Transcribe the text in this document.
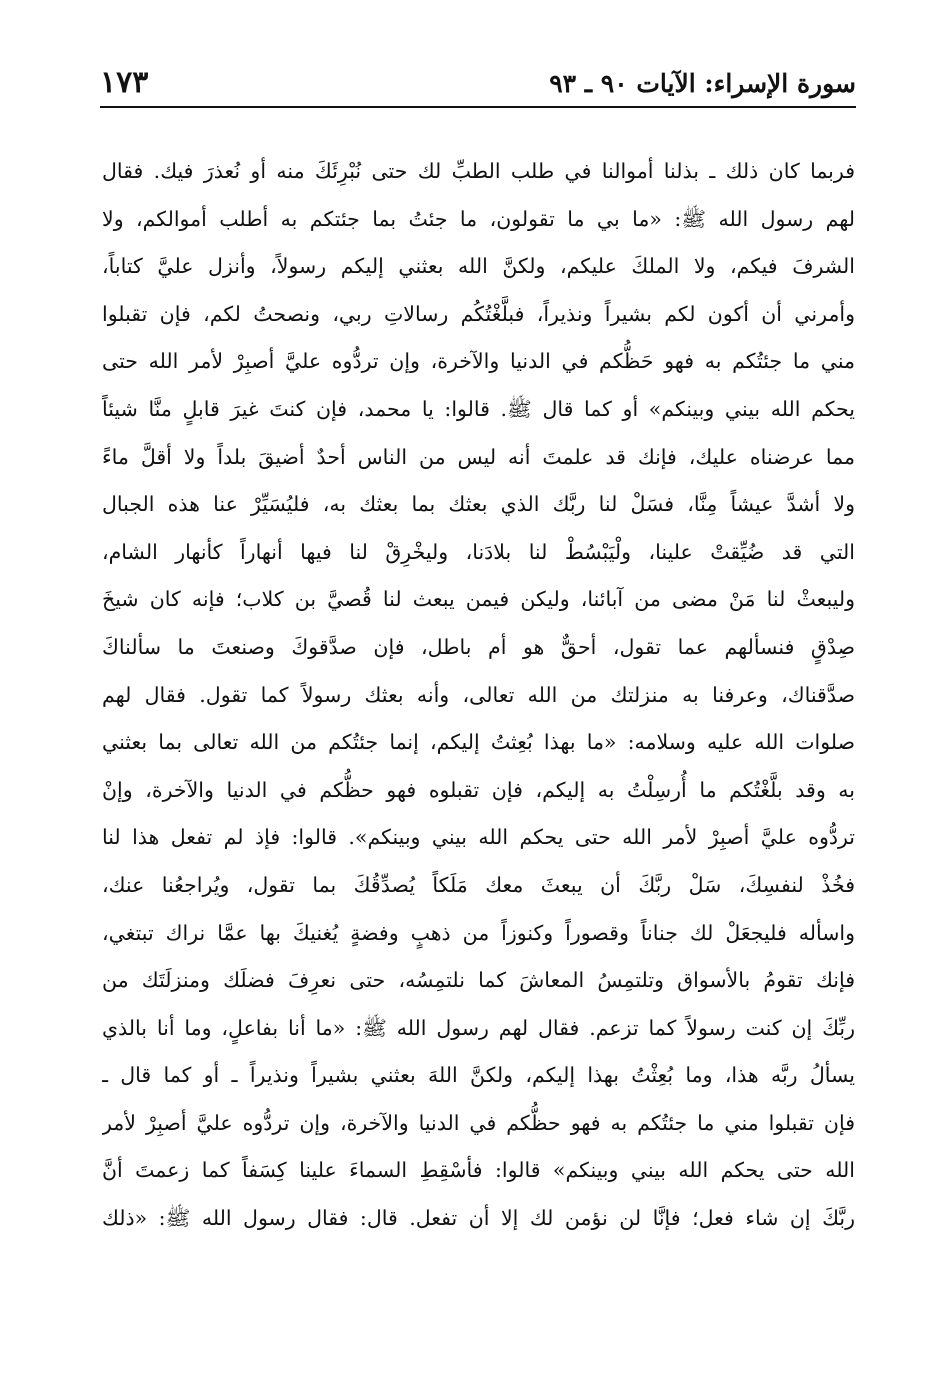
سورة الإسراء: الآيات ٩٠ ـ ٩٣
١٧٣
فربما كان ذلك ـ بذلنا أموالنا في طلب الطبِّ لك حتى نُبْرِئَكَ منه أو نُعذرَ فيك. فقال
لهم رسول الله ﷺ: «ما بي ما تقولون، ما جئتُ بما جئتكم به أطلب أموالكم، ولا
الشرفَ فيكم، ولا الملكَ عليكم، ولكنَّ الله بعثني إليكم رسولاً، وأنزل عليَّ كتاباً،
وأمرني أن أكون لكم بشيراً ونذيراً، فبلَّغْتُكُم رسالاتِ ربي، ونصحتُ لكم، فإن تقبلوا
مني ما جئتُكم به فهو حَظُّكم في الدنيا والآخرة، وإن تردُّوه عليَّ أصبِرْ لأمر الله حتى
يحكم الله بيني وبينكم» أو كما قال ﷺ. قالوا: يا محمد، فإن كنتَ غيرَ قابلٍ منَّا شيئاً
مما عرضناه عليك، فإنك قد علمتَ أنه ليس من الناس أحدٌ أضيقَ بلداً ولا أقلَّ ماءً
ولا أشدَّ عيشاً مِنَّا، فسَلْ لنا ربَّك الذي بعثك بما بعثك به، فليُسَيِّرْ عنا هذه الجبال
التي قد ضُيِّقتْ علينا، ولْيَبْسُطْ لنا بلادَنا، وليخْرِقْ لنا فيها أنهاراً كأنهار الشام،
وليبعثْ لنا مَنْ مضى من آبائنا، وليكن فيمن يبعث لنا قُصيَّ بن كلاب؛ فإنه كان شيخَ
صِدْقٍ فنسألهم عما تقول، أحقٌّ هو أم باطل، فإن صدَّقوكَ وصنعتَ ما سألناكَ
صدَّقناك، وعرفنا به منزلتك من الله تعالى، وأنه بعثك رسولاً كما تقول. فقال لهم
صلوات الله عليه وسلامه: «ما بهذا بُعِثتُ إليكم، إنما جئتُكم من الله تعالى بما بعثني
به وقد بلَّغْتُكم ما أُرسِلْتُ به إليكم، فإن تقبلوه فهو حظُّكم في الدنيا والآخرة، وإنْ
تردُّوه عليَّ أصبِرْ لأمر الله حتى يحكم الله بيني وبينكم». قالوا: فإذ لم تفعل هذا لنا
فخُذْ لنفسِكَ، سَلْ ربَّكَ أن يبعثَ معك مَلَكاً يُصدِّقُكَ بما تقول، ويُراجعُنا عنك،
واسأله فليجعَلْ لك جناناً وقصوراً وكنوزاً من ذهبٍ وفضةٍ يُغنيكَ بها عمَّا نراك تبتغي،
فإنك تقومُ بالأسواق وتلتمِسُ المعاشَ كما نلتمِسُه، حتى نعرِفَ فضلَك ومنزلَتَك من
ربِّكَ إن كنت رسولاً كما تزعم. فقال لهم رسول الله ﷺ: «ما أنا بفاعلٍ، وما أنا بالذي
يسألُ ربَّه هذا، وما بُعِثْتُ بهذا إليكم، ولكنَّ اللهَ بعثني بشيراً ونذيراً ـ أو كما قال ـ
فإن تقبلوا مني ما جئتُكم به فهو حظُّكم في الدنيا والآخرة، وإن تردُّوه عليَّ أصبِرْ لأمر
الله حتى يحكم الله بيني وبينكم» قالوا: فأسْقِطِ السماءَ علينا كِسَفاً كما زعمتَ أنَّ
ربَّكَ إن شاء فعل؛ فإنَّا لن نؤمن لك إلا أن تفعل. قال: فقال رسول الله ﷺ: «ذلك
